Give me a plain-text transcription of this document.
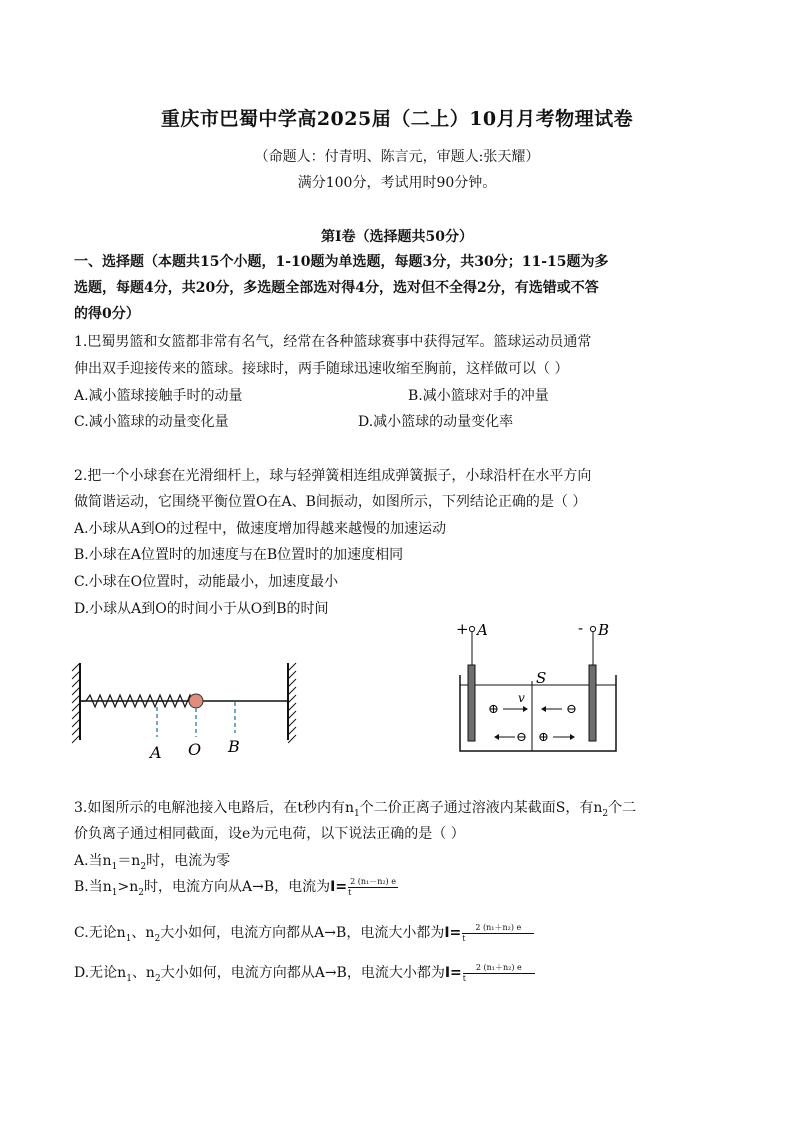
重庆市巴蜀中学高2025届（二上）10月月考物理试卷
（命题人：付青明、陈言元，审题人:张天耀）
满分100分，考试用时90分钟。
第Ⅰ卷（选择题共50分）
一、选择题（本题共15个小题，1-10题为单选题，每题3分，共30分；11-15题为多
选题，每题4分，共20分，多选题全部选对得4分，选对但不全得2分，有选错或不答
的得0分）
1.巴蜀男篮和女篮都非常有名气，经常在各种篮球赛事中获得冠军。篮球运动员通常
伸出双手迎接传来的篮球。接球时，两手随球迅速收缩至胸前，这样做可以（ ）
A.减小篮球接触手时的动量	B.减小篮球对手的冲量
C.减小篮球的动量变化量	D.减小篮球的动量变化率
2.把一个小球套在光滑细杆上，球与轻弹簧相连组成弹簧振子，小球沿杆在水平方向
做简谐运动，它围绕平衡位置O在A、B间振动，如图所示，下列结论正确的是（ ）
A.小球从A到O的过程中，做速度增加得越来越慢的加速运动
B.小球在A位置时的加速度与在B位置时的加速度相同
C.小球在O位置时，动能最小，加速度最小
D.小球从A到O的时间小于从O到B的时间
A O B
+ A	- B
S
v
⊕	⊖
⊖ ⊕
3.如图所示的电解池接入电路后，在t秒内有$n_1$个二价正离子通过溶液内某截面S，有$n_2$个二
价负离子通过相同截面，设e为元电荷，以下说法正确的是（ ）
A.当$n_1=n_2$时，电流为零
B.当$n_1>n_2$时，电流方向从A→B，电流为$I= \frac{\text{2 (n₁－n₂) e}}{t}$
C.无论$n_1$、$n_2$大小如何，电流方向都从A→B，电流大小都为$I= \frac{\text{2 (n₁＋n₂) e}}{t}$
D.无论$n_1$、$n_2$大小如何，电流方向都从A→B，电流大小都为$I= \frac{\text{2 (n₁＋n₂) e}}{t}$
